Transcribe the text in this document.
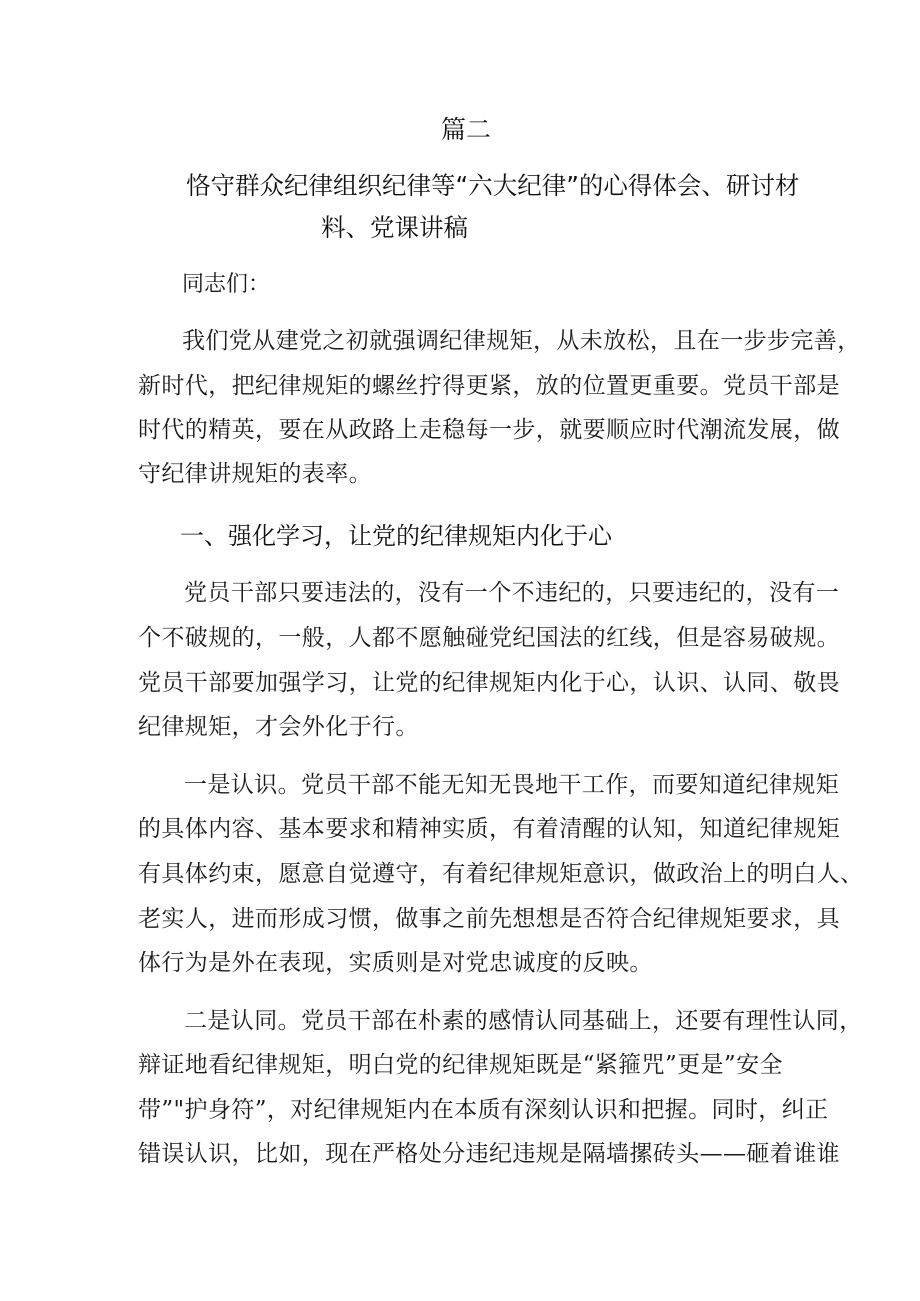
篇二
恪守群众纪律组织纪律等“六大纪律”的心得体会、研讨材
料、党课讲稿
同志们：
我们党从建党之初就强调纪律规矩，从未放松，且在一步步完善，
新时代，把纪律规矩的螺丝拧得更紧，放的位置更重要。党员干部是
时代的精英，要在从政路上走稳每一步，就要顺应时代潮流发展，做
守纪律讲规矩的表率。
一、强化学习，让党的纪律规矩内化于心
党员干部只要违法的，没有一个不违纪的，只要违纪的，没有一
个不破规的，一般，人都不愿触碰党纪国法的红线，但是容易破规。
党员干部要加强学习，让党的纪律规矩内化于心，认识、认同、敬畏
纪律规矩，才会外化于行。
一是认识。党员干部不能无知无畏地干工作，而要知道纪律规矩
的具体内容、基本要求和精神实质，有着清醒的认知，知道纪律规矩
有具体约束，愿意自觉遵守，有着纪律规矩意识，做政治上的明白人、
老实人，进而形成习惯，做事之前先想想是否符合纪律规矩要求，具
体行为是外在表现，实质则是对党忠诚度的反映。
二是认同。党员干部在朴素的感情认同基础上，还要有理性认同，
辩证地看纪律规矩，明白党的纪律规矩既是“紧箍咒”更是”安全
带”"护身符”，对纪律规矩内在本质有深刻认识和把握。同时，纠正
错误认识，比如，现在严格处分违纪违规是隔墙摞砖头——砸着谁谁
